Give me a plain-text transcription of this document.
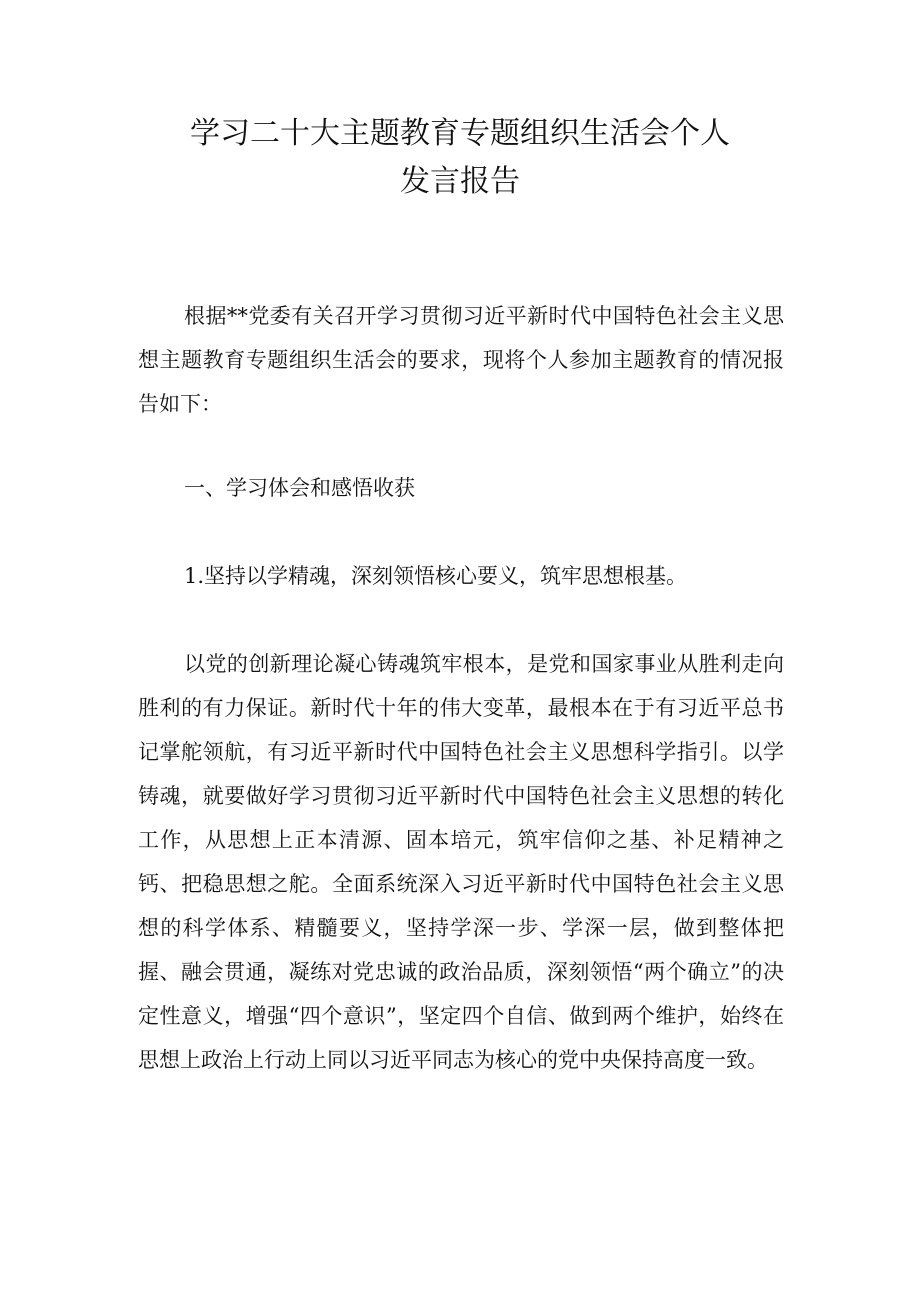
学习二十大主题教育专题组织生活会个人
发言报告

根据**党委有关召开学习贯彻习近平新时代中国特色社会主义思想主题教育专题组织生活会的要求，现将个人参加主题教育的情况报告如下：

一、学习体会和感悟收获

1.坚持以学精魂，深刻领悟核心要义，筑牢思想根基。

以党的创新理论凝心铸魂筑牢根本，是党和国家事业从胜利走向胜利的有力保证。新时代十年的伟大变革，最根本在于有习近平总书记掌舵领航，有习近平新时代中国特色社会主义思想科学指引。以学铸魂，就要做好学习贯彻习近平新时代中国特色社会主义思想的转化工作，从思想上正本清源、固本培元，筑牢信仰之基、补足精神之钙、把稳思想之舵。全面系统深入习近平新时代中国特色社会主义思想的科学体系、精髓要义，坚持学深一步、学深一层，做到整体把握、融会贯通，凝练对党忠诚的政治品质，深刻领悟“两个确立”的决定性意义，增强“四个意识”，坚定四个自信、做到两个维护，始终在思想上政治上行动上同以习近平同志为核心的党中央保持高度一致。
